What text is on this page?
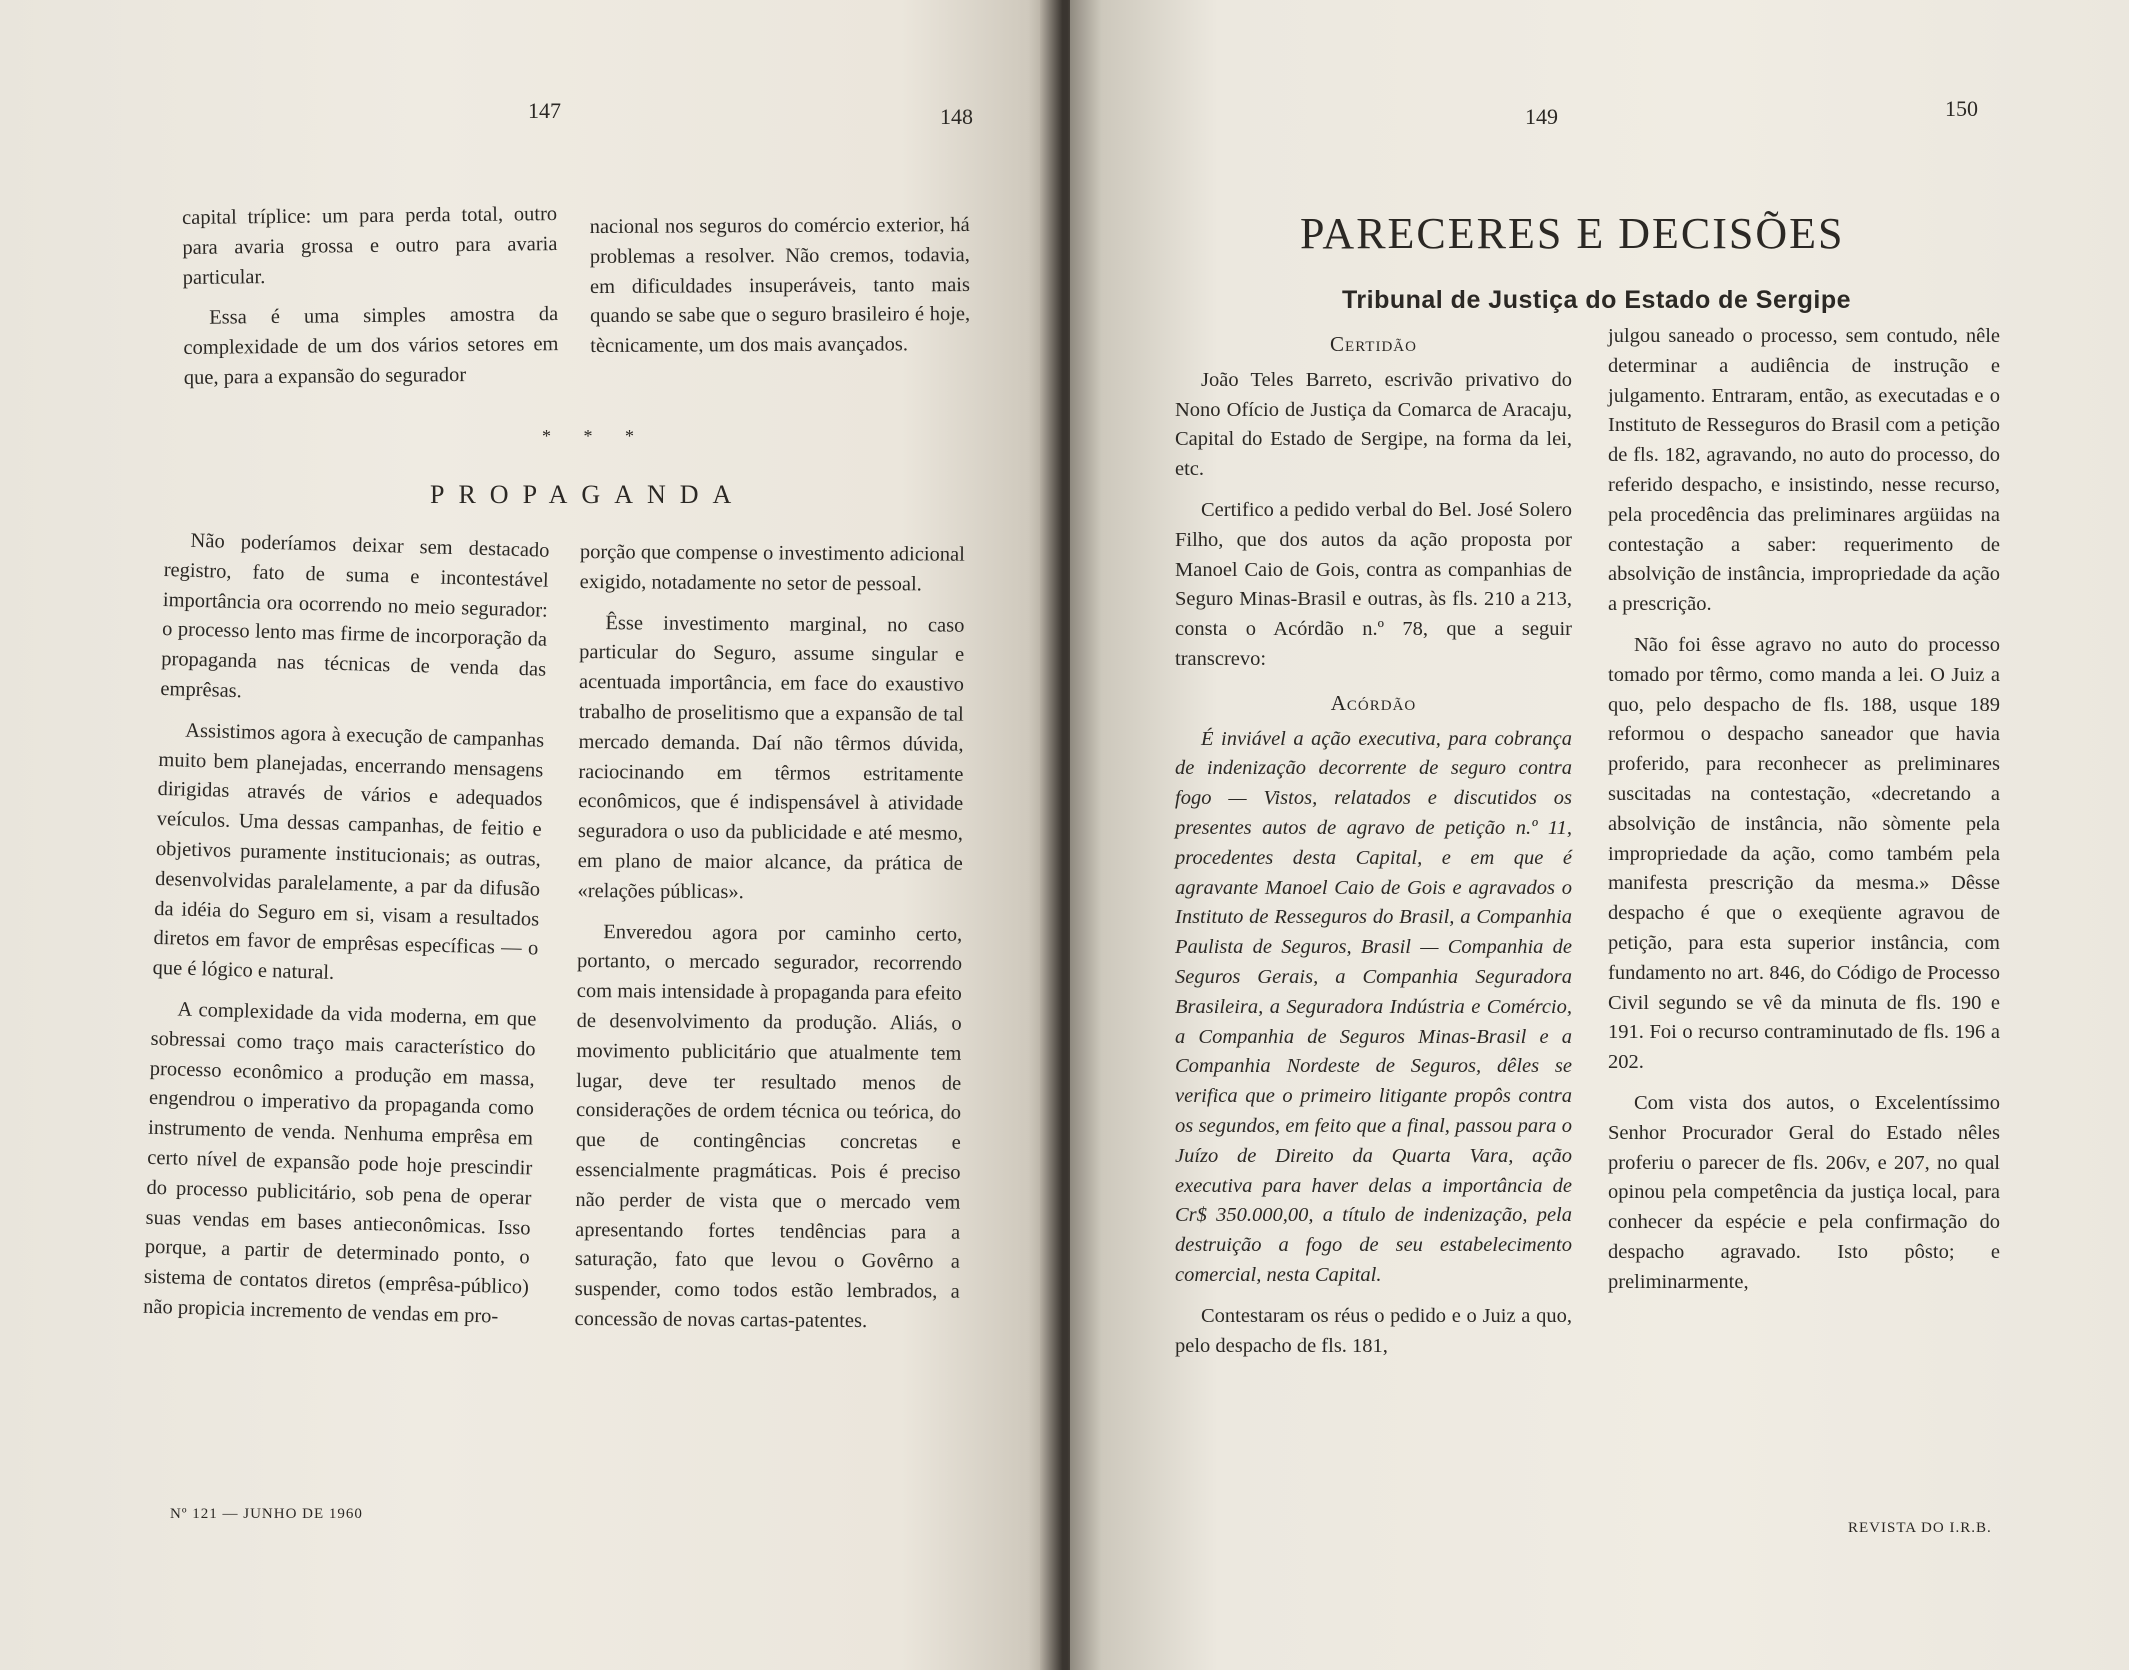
147	148

capital tríplice: um para perda total, outro para avaria grossa e outro para avaria particular.

Essa é uma simples amostra da complexidade de um dos vários setores em que, para a expansão do segurador

nacional nos seguros do comércio exterior, há problemas a resolver. Não cremos, todavia, em dificuldades insuperáveis, tanto mais quando se sabe que o seguro brasileiro é hoje, tècnicamente, um dos mais avançados.

* * *
PROPAGANDA

Não poderíamos deixar sem destacado registro, fato de suma e incontestável importância ora ocorrendo no meio segurador: o processo lento mas firme de incorporação da propaganda nas técnicas de venda das emprêsas.

Assistimos agora à execução de campanhas muito bem planejadas, encerrando mensagens dirigidas através de vários e adequados veículos. Uma dessas campanhas, de feitio e objetivos puramente institucionais; as outras, desenvolvidas paralelamente, a par da difusão da idéia do Seguro em si, visam a resultados diretos em favor de emprêsas específicas — o que é lógico e natural.

A complexidade da vida moderna, em que sobressai como traço mais característico do processo econômico a produção em massa, engendrou o imperativo da propaganda como instrumento de venda. Nenhuma emprêsa em certo nível de expansão pode hoje prescindir do processo publicitário, sob pena de operar suas vendas em bases antieconômicas. Isso porque, a partir de determinado ponto, o sistema de contatos diretos (emprêsa-público) não propicia incremento de vendas em pro-

porção que compense o investimento adicional exigido, notadamente no setor de pessoal.

Êsse investimento marginal, no caso particular do Seguro, assume singular e acentuada importância, em face do exaustivo trabalho de proselitismo que a expansão de tal mercado demanda. Daí não têrmos dúvida, raciocinando em têrmos estritamente econômicos, que é indispensável à atividade seguradora o uso da publicidade e até mesmo, em plano de maior alcance, da prática de «relações públicas».

Enveredou agora por caminho certo, portanto, o mercado segurador, recorrendo com mais intensidade à propaganda para efeito de desenvolvimento da produção. Aliás, o movimento publicitário que atualmente tem lugar, deve ter resultado menos de considerações de ordem técnica ou teórica, do que de contingências concretas e essencialmente pragmáticas. Pois é preciso não perder de vista que o mercado vem apresentando fortes tendências para a saturação, fato que levou o Govêrno a suspender, como todos estão lembrados, a concessão de novas cartas-patentes.

Nº 121 — JUNHO DE 1960
149	150
PARECERES E DECISÕES
Tribunal de Justiça do Estado de Sergipe
Certidão

João Teles Barreto, escrivão privativo do Nono Ofício de Justiça da Comarca de Aracaju, Capital do Estado de Sergipe, na forma da lei, etc.

Certifico a pedido verbal do Bel. José Solero Filho, que dos autos da ação proposta por Manoel Caio de Gois, contra as companhias de Seguro Minas-Brasil e outras, às fls. 210 a 213, consta o Acórdão n.º 78, que a seguir transcrevo:

Acórdão

É inviável a ação executiva, para cobrança de indenização decorrente de seguro contra fogo — Vistos, relatados e discutidos os presentes autos de agravo de petição n.º 11, procedentes desta Capital, e em que é agravante Manoel Caio de Gois e agravados o Instituto de Resseguros do Brasil, a Companhia Paulista de Seguros, Brasil — Companhia de Seguros Gerais, a Companhia Seguradora Brasileira, a Seguradora Indústria e Comércio, a Companhia de Seguros Minas-Brasil e a Companhia Nordeste de Seguros, dêles se verifica que o primeiro litigante propôs contra os segundos, em feito que a final, passou para o Juízo de Direito da Quarta Vara, ação executiva para haver delas a importância de Cr$ 350.000,00, a título de indenização, pela destruição a fogo de seu estabelecimento comercial, nesta Capital.

Contestaram os réus o pedido e o Juiz a quo, pelo despacho de fls. 181,

julgou saneado o processo, sem contudo, nêle determinar a audiência de instrução e julgamento. Entraram, então, as executadas e o Instituto de Resseguros do Brasil com a petição de fls. 182, agravando, no auto do processo, do referido despacho, e insistindo, nesse recurso, pela procedência das preliminares argüidas na contestação a saber: requerimento de absolvição de instância, impropriedade da ação a prescrição.

Não foi êsse agravo no auto do processo tomado por têrmo, como manda a lei. O Juiz a quo, pelo despacho de fls. 188, usque 189 reformou o despacho saneador que havia proferido, para reconhecer as preliminares suscitadas na contestação, «decretando a absolvição de instância, não sòmente pela impropriedade da ação, como também pela manifesta prescrição da mesma.» Dêsse despacho é que o exeqüente agravou de petição, para esta superior instância, com fundamento no art. 846, do Código de Processo Civil segundo se vê da minuta de fls. 190 e 191. Foi o recurso contraminutado de fls. 196 a 202.

Com vista dos autos, o Excelentíssimo Senhor Procurador Geral do Estado nêles proferiu o parecer de fls. 206v, e 207, no qual opinou pela competência da justiça local, para conhecer da espécie e pela confirmação do despacho agravado. Isto pôsto; e preliminarmente,

REVISTA DO I.R.B.
